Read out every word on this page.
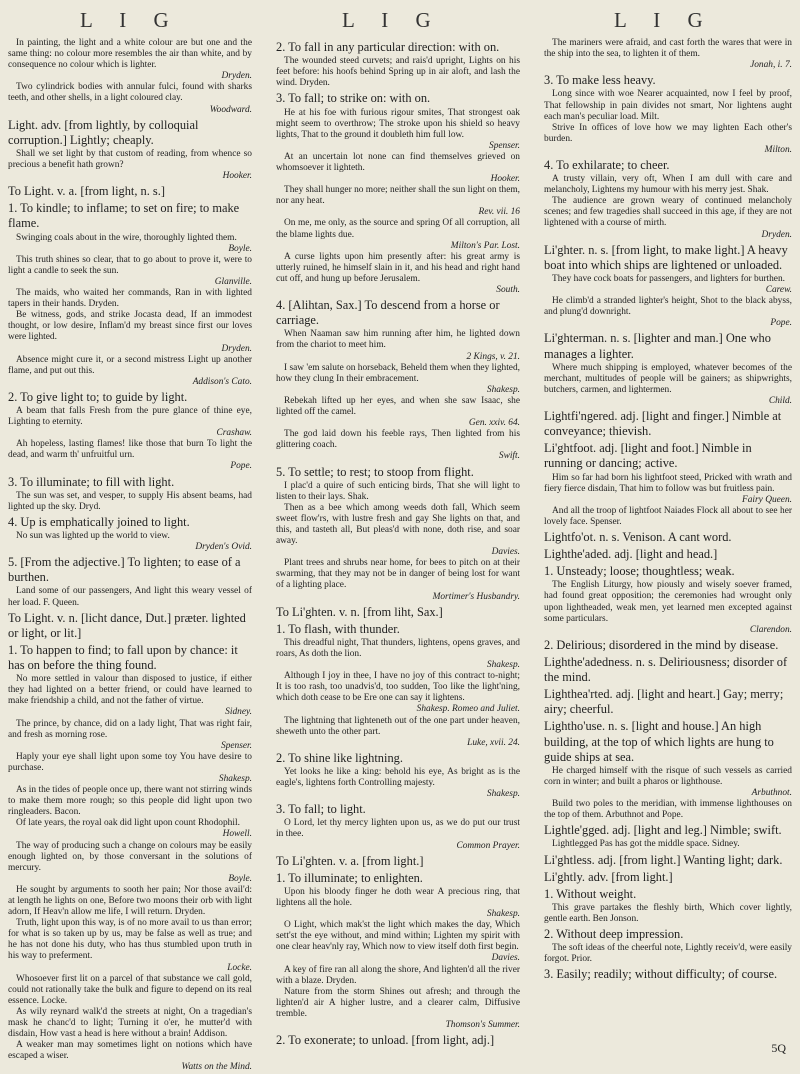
L I G	L I G	L I G

In painting, the light and a white colour are but one and the same thing: no colour more resembles the air than white, and by consequence no colour which is lighter.

Dryden.

Two cylindrick bodies with annular fulci, found with sharks teeth, and other shells, in a light coloured clay.

Woodward.

Light. adv. [from lightly, by colloquial corruption.] Lightly; cheaply.

Shall we set light by that custom of reading, from whence so precious a benefit hath grown?

Hooker.

To Light. v. a. [from light, n. s.]

1. To kindle; to inflame; to set on fire; to make flame.

Swinging coals about in the wire, thoroughly lighted them.

Boyle.

This truth shines so clear, that to go about to prove it, were to light a candle to seek the sun.

Glanville.

The maids, who waited her commands, Ran in with lighted tapers in their hands. Dryden.

Be witness, gods, and strike Jocasta dead, If an immodest thought, or low desire, Inflam'd my breast since first our loves were lighted.

Dryden.

Absence might cure it, or a second mistress Light up another flame, and put out this.

Addison's Cato.

2. To give light to; to guide by light.

A beam that falls Fresh from the pure glance of thine eye, Lighting to eternity.

Crashaw.

Ah hopeless, lasting flames! like those that burn To light the dead, and warm th' unfruitful urn.

Pope.

3. To illuminate; to fill with light.

The sun was set, and vesper, to supply His absent beams, had lighted up the sky. Dryd.

4. Up is emphatically joined to light.

No sun was lighted up the world to view.

Dryden's Ovid.

5. [From the adjective.] To lighten; to ease of a burthen.

Land some of our passengers, And light this weary vessel of her load. F. Queen.

To Light. v. n. [licht dance, Dut.] præter. lighted or light, or lit.]

1. To happen to find; to fall upon by chance: it has on before the thing found.

No more settled in valour than disposed to justice, if either they had lighted on a better friend, or could have learned to make friendship a child, and not the father of virtue.

Sidney.

The prince, by chance, did on a lady light, That was right fair, and fresh as morning rose.

Spenser.

Haply your eye shall light upon some toy You have desire to purchase.

Shakesp.

As in the tides of people once up, there want not stirring winds to make them more rough; so this people did light upon two ringleaders. Bacon.

Of late years, the royal oak did light upon count Rhodophil.

Howell.

The way of producing such a change on colours may be easily enough lighted on, by those conversant in the solutions of mercury.

Boyle.

He sought by arguments to sooth her pain; Nor those avail'd: at length he lights on one, Before two moons their orb with light adorn, If Heav'n allow me life, I will return. Dryden.

Truth, light upon this way, is of no more avail to us than error; for what is so taken up by us, may be false as well as true; and he has not done his duty, who has thus stumbled upon truth in his way to preferment.

Locke.

Whosoever first lit on a parcel of that substance we call gold, could not rationally take the bulk and figure to depend on its real essence. Locke.

As wily reynard walk'd the streets at night, On a tragedian's mask he chanc'd to light; Turning it o'er, he mutter'd with disdain, How vast a head is here without a brain! Addison.

A weaker man may sometimes light on notions which have escaped a wiser.

Watts on the Mind.

2. To fall in any particular direction: with on.

The wounded steed curvets; and rais'd upright, Lights on his feet before: his hoofs behind Spring up in air aloft, and lash the wind. Dryden.

3. To fall; to strike on: with on.

He at his foe with furious rigour smites, That strongest oak might seem to overthrow; The stroke upon his shield so heavy lights, That to the ground it doubleth him full low.

Spenser.

At an uncertain lot none can find themselves grieved on whomsoever it lighteth.

Hooker.

They shall hunger no more; neither shall the sun light on them, nor any heat.

Rev. vii. 16

On me, me only, as the source and spring Of all corruption, all the blame lights due.

Milton's Par. Lost.

A curse lights upon him presently after: his great army is utterly ruined, he himself slain in it, and his head and right hand cut off, and hung up before Jerusalem.

South.

4. [Alihtan, Sax.] To descend from a horse or carriage.

When Naaman saw him running after him, he lighted down from the chariot to meet him.

2 Kings, v. 21.

I saw 'em salute on horseback, Beheld them when they lighted, how they clung In their embracement.

Shakesp.

Rebekah lifted up her eyes, and when she saw Isaac, she lighted off the camel.

Gen. xxiv. 64.

The god laid down his feeble rays, Then lighted from his glittering coach.

Swift.

5. To settle; to rest; to stoop from flight.

I plac'd a quire of such enticing birds, That she will light to listen to their lays. Shak.

Then as a bee which among weeds doth fall, Which seem sweet flow'rs, with lustre fresh and gay She lights on that, and this, and tasteth all, But pleas'd with none, doth rise, and soar away.

Davies.

Plant trees and shrubs near home, for bees to pitch on at their swarming, that they may not be in danger of being lost for want of a lighting place.

Mortimer's Husbandry.

To Li'ghten. v. n. [from liht, Sax.]

1. To flash, with thunder.

This dreadful night, That thunders, lightens, opens graves, and roars, As doth the lion.

Shakesp.

Although I joy in thee, I have no joy of this contract to-night; It is too rash, too unadvis'd, too sudden, Too like the light'ning, which doth cease to be Ere one can say it lightens.

Shakesp. Romeo and Juliet.

The lightning that lighteneth out of the one part under heaven, sheweth unto the other part.

Luke, xvii. 24.

2. To shine like lightning.

Yet looks he like a king: behold his eye, As bright as is the eagle's, lightens forth Controlling majesty.

Shakesp.

3. To fall; to light.

O Lord, let thy mercy lighten upon us, as we do put our trust in thee.

Common Prayer.

To Li'ghten. v. a. [from light.]

1. To illuminate; to enlighten.

Upon his bloody finger he doth wear A precious ring, that lightens all the hole.

Shakesp.

O Light, which mak'st the light which makes the day, Which sett'st the eye without, and mind within; Lighten my spirit with one clear heav'nly ray, Which now to view itself doth first begin.

Davies.

A key of fire ran all along the shore, And lighten'd all the river with a blaze. Dryden.

Nature from the storm Shines out afresh; and through the lighten'd air A higher lustre, and a clearer calm, Diffusive tremble.

Thomson's Summer.

2. To exonerate; to unload. [from light, adj.]

The mariners were afraid, and cast forth the wares that were in the ship into the sea, to lighten it of them.

Jonah, i. 7.

3. To make less heavy.

Long since with woe Nearer acquainted, now I feel by proof, That fellowship in pain divides not smart, Nor lightens aught each man's peculiar load. Milt.

Strive In offices of love how we may lighten Each other's burden.

Milton.

4. To exhilarate; to cheer.

A trusty villain, very oft, When I am dull with care and melancholy, Lightens my humour with his merry jest. Shak.

The audience are grown weary of continued melancholy scenes; and few tragedies shall succeed in this age, if they are not lightened with a course of mirth.

Dryden.

Li'ghter. n. s. [from light, to make light.] A heavy boat into which ships are lightened or unloaded.

They have cock boats for passengers, and lighters for burthen.

Carew.

He climb'd a stranded lighter's height, Shot to the black abyss, and plung'd downright.

Pope.

Li'ghterman. n. s. [lighter and man.] One who manages a lighter.

Where much shipping is employed, whatever becomes of the merchant, multitudes of people will be gainers; as shipwrights, butchers, carmen, and lightermen.

Child.

Lightfi'ngered. adj. [light and finger.] Nimble at conveyance; thievish.

Li'ghtfoot. adj. [light and foot.] Nimble in running or dancing; active.

Him so far had born his lightfoot steed, Pricked with wrath and fiery fierce disdain, That him to follow was but fruitless pain.

Fairy Queen.

And all the troop of lightfoot Naiades Flock all about to see her lovely face. Spenser.

Lightfo'ot. n. s. Venison. A cant word.

Lighthe'aded. adj. [light and head.]

1. Unsteady; loose; thoughtless; weak.

The English Liturgy, how piously and wisely soever framed, had found great opposition; the ceremonies had wrought only upon lightheaded, weak men, yet learned men excepted against some particulars.

Clarendon.

2. Delirious; disordered in the mind by disease.

Lighthe'adedness. n. s. Deliriousness; disorder of the mind.

Lighthea'rted. adj. [light and heart.] Gay; merry; airy; cheerful.

Lightho'use. n. s. [light and house.] An high building, at the top of which lights are hung to guide ships at sea.

He charged himself with the risque of such vessels as carried corn in winter; and built a pharos or lighthouse.

Arbuthnot.

Build two poles to the meridian, with immense lighthouses on the top of them. Arbuthnot and Pope.

Lightle'gged. adj. [light and leg.] Nimble; swift.

Lightlegged Pas has got the middle space. Sidney.

Li'ghtless. adj. [from light.] Wanting light; dark.

Li'ghtly. adv. [from light.]

1. Without weight.

This grave partakes the fleshly birth, Which cover lightly, gentle earth. Ben Jonson.

2. Without deep impression.

The soft ideas of the cheerful note, Lightly receiv'd, were easily forgot. Prior.

3. Easily; readily; without difficulty; of course.

5Q
